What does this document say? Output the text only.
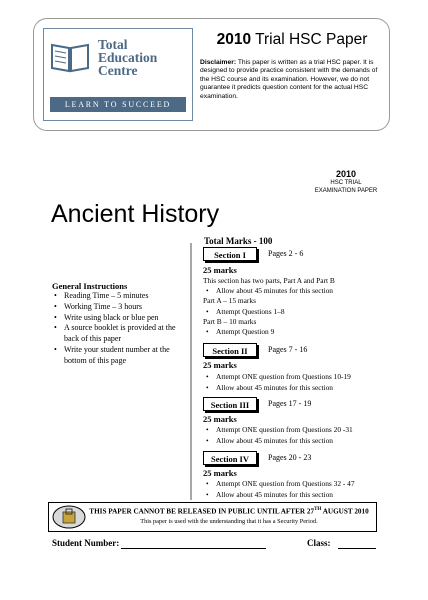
Total
Education
Centre
LEARN TO SUCCEED
2010 Trial HSC Paper
Disclaimer: This paper is written as a trial HSC paper. It is designed to provide practice consistent with the demands of the HSC course and its examination. However, we do not guarantee it predicts question content for the actual HSC examination.
2010
HSC TRIAL
EXAMINATION PAPER
Ancient History
Total Marks - 100
General Instructions
• Reading Time – 5 minutes
• Working Time – 3 hours
• Write using black or blue pen
• A source booklet is provided at the back of this paper
• Write your student number at the bottom of this page
Section I	Pages 2 - 6
25 marks
This section has two parts, Part A and Part B
• Allow about 45 minutes for this section
Part A – 15 marks
• Attempt Questions 1–8
Part B – 10 marks
• Attempt Question 9
Section II	Pages 7 - 16
25 marks
• Attempt ONE question from Questions 10-19
• Allow about 45 minutes for this section
Section III	Pages 17 - 19
25 marks
• Attempt ONE question from Questions 20 -31
• Allow about 45 minutes for this section
Section IV	Pages 20 - 23
25 marks
• Attempt ONE question from Questions 32 - 47
• Allow about 45 minutes for this section
THIS PAPER CANNOT BE RELEASED IN PUBLIC UNTIL AFTER 27TH AUGUST 2010
This paper is used with the understanding that it has a Security Period.
Student Number:	Class:
